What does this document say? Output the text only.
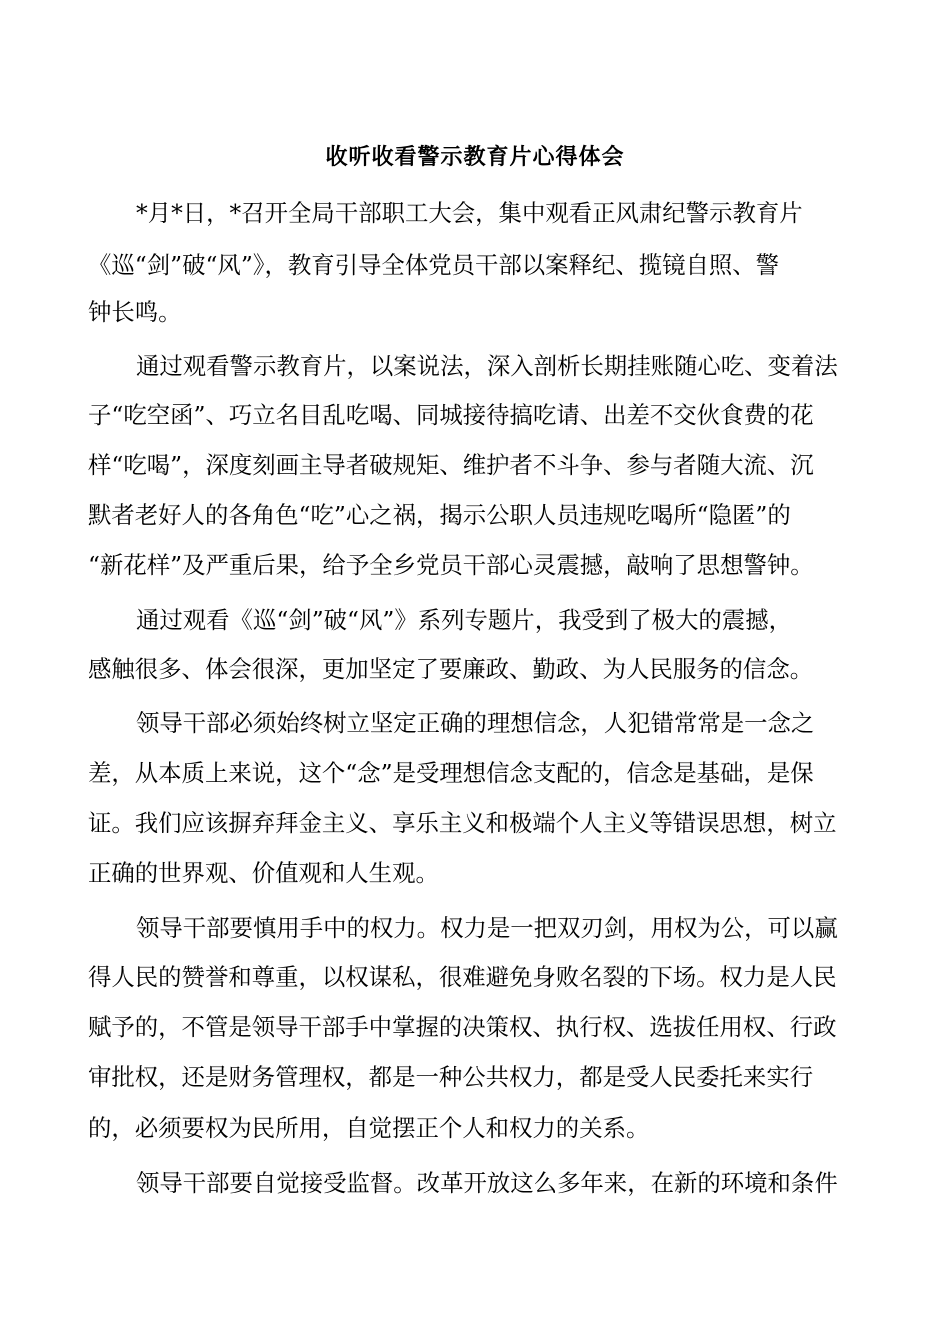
收听收看警示教育片心得体会

*月*日，*召开全局干部职工大会，集中观看正风肃纪警示教育片

《巡“剑”破“风”》，教育引导全体党员干部以案释纪、揽镜自照、警

钟长鸣。

通过观看警示教育片，以案说法，深入剖析长期挂账随心吃、变着法

子“吃空函”、巧立名目乱吃喝、同城接待搞吃请、出差不交伙食费的花

样“吃喝”，深度刻画主导者破规矩、维护者不斗争、参与者随大流、沉

默者老好人的各角色“吃”心之祸，揭示公职人员违规吃喝所“隐匿”的

“新花样”及严重后果，给予全乡党员干部心灵震撼，敲响了思想警钟。

通过观看《巡“剑”破“风”》系列专题片，我受到了极大的震撼，

感触很多、体会很深，更加坚定了要廉政、勤政、为人民服务的信念。

领导干部必须始终树立坚定正确的理想信念，人犯错常常是一念之

差，从本质上来说，这个“念”是受理想信念支配的，信念是基础，是保

证。我们应该摒弃拜金主义、享乐主义和极端个人主义等错误思想，树立

正确的世界观、价值观和人生观。

领导干部要慎用手中的权力。权力是一把双刃剑，用权为公，可以赢

得人民的赞誉和尊重，以权谋私，很难避免身败名裂的下场。权力是人民

赋予的，不管是领导干部手中掌握的决策权、执行权、选拔任用权、行政

审批权，还是财务管理权，都是一种公共权力，都是受人民委托来实行

的，必须要权为民所用，自觉摆正个人和权力的关系。

领导干部要自觉接受监督。改革开放这么多年来，在新的环境和条件
